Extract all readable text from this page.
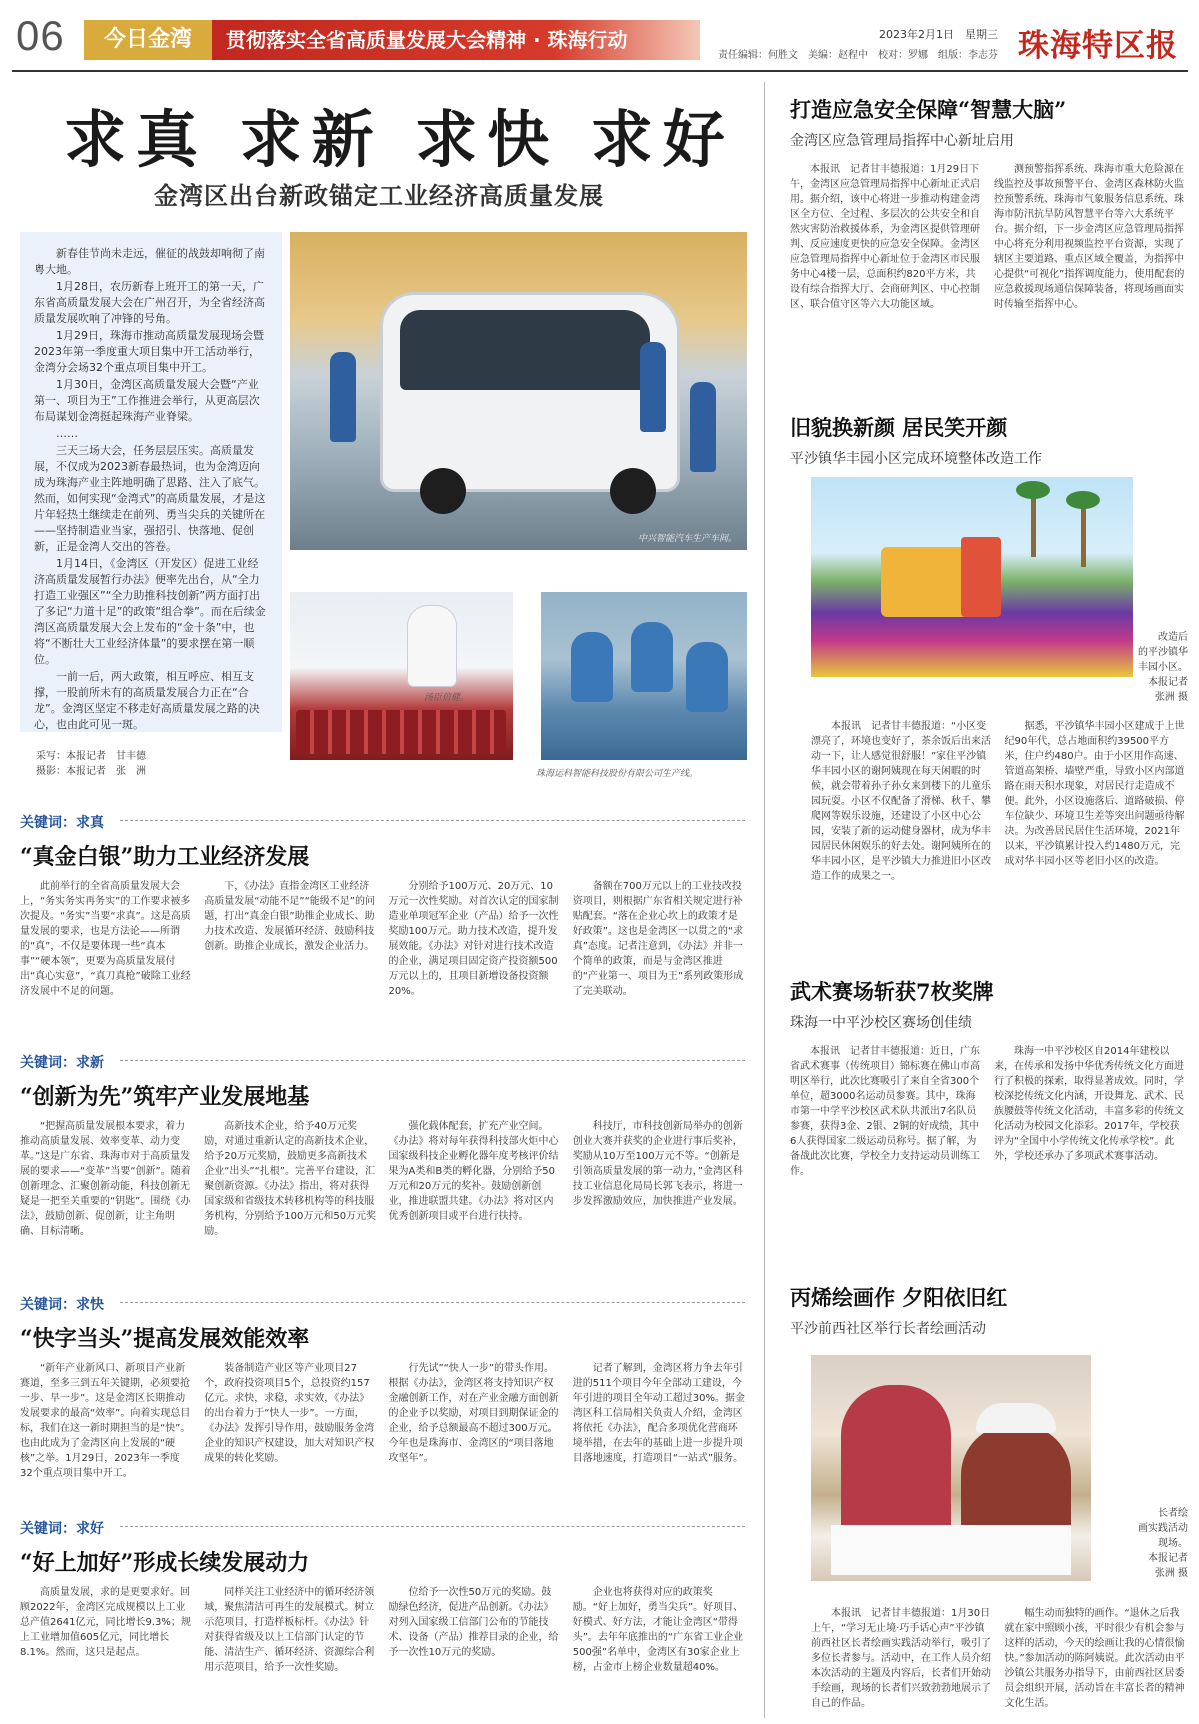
06	今日金湾	贯彻落实全省高质量发展大会精神 · 珠海行动	2023年2月1日　星期三
责任编辑：何胜文　美编：赵程中　校对：罗娜　组版：李志芬 珠海特区报
求真 求新 求快 求好
金湾区出台新政锚定工业经济高质量发展

新春佳节尚未走远，催征的战鼓却响彻了南粤大地。

1月28日，农历新春上班开工的第一天，广东省高质量发展大会在广州召开，为全省经济高质量发展吹响了冲锋的号角。

1月29日，珠海市推动高质量发展现场会暨2023年第一季度重大项目集中开工活动举行，金湾分会场32个重点项目集中开工。

1月30日，金湾区高质量发展大会暨“产业第一、项目为王”工作推进会举行，从更高层次布局谋划金湾挺起珠海产业脊梁。

……

三天三场大会，任务层层压实。高质量发展，不仅成为2023新春最热词，也为金湾迈向成为珠海产业主阵地明确了思路、注入了底气。然而，如何实现“金湾式”的高质量发展，才是这片年轻热土继续走在前列、勇当尖兵的关键所在——坚持制造业当家，强招引、快落地、促创新，正是金湾人交出的答卷。

1月14日，《金湾区（开发区）促进工业经济高质量发展暂行办法》便率先出台，从“全力打造工业强区”“全力助推科技创新”两方面打出了多记“力道十足”的政策“组合拳”。而在后续金湾区高质量发展大会上发布的“金十条”中，也将“不断壮大工业经济体量”的要求摆在第一顺位。

一前一后，两大政策，相互呼应、相互支撑，一股前所未有的高质量发展合力正在“合龙”。金湾区坚定不移走好高质量发展之路的决心，也由此可见一斑。

采写：本报记者　甘丰德
摄影：本报记者　张　洲
中兴智能汽车生产车间。
汤臣倍健。
珠海运科智能科技股份有限公司生产线。
关键词：求真
“真金白银”助力工业经济发展
此前举行的全省高质量发展大会上，“务实务实再务实”的工作要求被多次提及。“务实”当要“求真”。这是高质量发展的要求，也是方法论——所谓的“真”，不仅是要体现一些“真本事”“硬本领”，更要为高质量发展付出“真心实意”，“真刀真枪”破除工业经济发展中不足的问题。
下，《办法》直指金湾区工业经济高质量发展“动能不足”“能级不足”的问题，打出“真金白银”助推企业成长、助力技术改造、发展循环经济、鼓励科技创新。助推企业成长，激发企业活力。
分别给予100万元、20万元、10万元一次性奖励。对首次认定的国家制造业单项冠军企业（产品）给予一次性奖励100万元。助力技术改造，提升发展效能。《办法》对针对进行技术改造的企业，满足项目固定资产投资额500万元以上的，且项目新增设备投资额20%。
备额在700万元以上的工业技改投资项目，则根据广东省相关规定进行补贴配套。“落在企业心坎上的政策才是好政策”。这也是金湾区一以贯之的“求真”态度。记者注意到，《办法》并非一个简单的政策，而是与金湾区推进的“产业第一、项目为王”系列政策形成了完美联动。
关键词：求新
“创新为先”筑牢产业发展地基
“把握高质量发展根本要求，着力推动高质量发展、效率变革、动力变革。”这是广东省、珠海市对于高质量发展的要求——“变革”当要“创新”。随着创新理念、汇聚创新动能，科技创新无疑是一把至关重要的“钥匙”。围绕《办法》，鼓励创新、促创新，让主角明确、目标清晰。
高新技术企业，给予40万元奖励，对通过重新认定的高新技术企业，给予20万元奖励，鼓励更多高新技术企业“出头”“扎根”。完善平台建设，汇聚创新资源。《办法》指出，将对获得国家级和省级技术转移机构等的科技服务机构，分别给予100万元和50万元奖励。
强化载体配套，扩充产业空间。《办法》将对每年获得科技部火炬中心国家级科技企业孵化器年度考核评价结果为A类和B类的孵化器，分别给予50万元和20万元的奖补。鼓励创新创业，推进联盟共建。《办法》将对区内优秀创新项目或平台进行扶持。
科技厅，市科技创新局举办的创新创业大赛并获奖的企业进行事后奖补，奖励从10万至100万元不等。“创新是引领高质量发展的第一动力，”金湾区科技工业信息化局局长郭飞表示，将进一步发挥激励效应，加快推进产业发展。
关键词：求快
“快字当头”提高发展效能效率
“新年产业新风口、新项目产业新赛道，至多三到五年关键期，必须要抢一步、早一步”。这是金湾区长期推动发展要求的最高“效率”。向着实现总目标，我们在这一新时期担当的是“快”。也由此成为了金湾区向上发展的“硬核”之举。1月29日，2023年一季度32个重点项目集中开工。
装备制造产业区等产业项目27个，政府投资项目5个，总投资约157亿元。求快，求稳，求实效，《办法》的出台着力于“快人一步”。一方面，《办法》发挥引导作用，鼓励服务金湾企业的知识产权建设，加大对知识产权成果的转化奖励。
行先试”“快人一步”的带头作用。根据《办法》，金湾区将支持知识产权金融创新工作，对在产业金融方面创新的企业予以奖励，对项目到期保证金的企业，给予总额最高不超过300万元。今年也是珠海市、金湾区的“项目落地攻坚年”。
记者了解到，金湾区将力争去年引进的511个项目今年全部动工建设，今年引进的项目全年动工超过30%。据金湾区科工信局相关负责人介绍，金湾区将依托《办法》，配合多项优化营商环境举措，在去年的基础上进一步提升项目落地速度，打造项目“一站式”服务。
关键词：求好
“好上加好”形成长续发展动力
高质量发展，求的是更要求好。回顾2022年，金湾区完成规模以上工业总产值2641亿元，同比增长9.3%；规上工业增加值605亿元，同比增长8.1%。然而，这只是起点。
同样关注工业经济中的循环经济领域，聚焦清洁可再生的发展模式。树立示范项目，打造样板标杆。《办法》针对获得省级及以上工信部门认定的节能、清洁生产、循环经济、资源综合利用示范项目，给予一次性奖励。
位给予一次性50万元的奖励。鼓励绿色经济，促进产品创新。《办法》对列入国家级工信部门公布的节能技术、设备（产品）推荐目录的企业，给予一次性10万元的奖励。
企业也将获得对应的政策奖励。“好上加好，勇当尖兵”。好项目、好模式、好方法，才能让金湾区“带得头”。去年年底推出的“广东省工业企业500强”名单中，金湾区有30家企业上榜，占金市上榜企业数量超40%。
打造应急安全保障“智慧大脑”
金湾区应急管理局指挥中心新址启用
本报讯　记者甘丰德报道：1月29日下午，金湾区应急管理局指挥中心新址正式启用。据介绍，该中心将进一步推动构建金湾区全方位、全过程、多层次的公共安全和自然灾害防治救援体系，为金湾区提供管理研判、反应速度更快的应急安全保障。金湾区应急管理局指挥中心新址位于金湾区市民服务中心4楼一层，总面积约820平方米，共设有综合指挥大厅、会商研判区、中心控制区、联合值守区等六大功能区域。
测预警指挥系统、珠海市重大危险源在线监控及事故预警平台、金湾区森林防火监控预警系统、珠海市气象服务信息系统、珠海市防汛抗旱防风智慧平台等六大系统平台。据介绍，下一步金湾区应急管理局指挥中心将充分利用视频监控平台资源，实现了辖区主要道路、重点区域全覆盖，为指挥中心提供“可视化”指挥调度能力，使用配套的应急救援现场通信保障装备，将现场画面实时传输至指挥中心。
旧貌换新颜 居民笑开颜
平沙镇华丰园小区完成环境整体改造工作
改造后
的平沙镇华
丰园小区。
本报记者
张洲 摄
本报讯　记者甘丰德报道：“小区变漂亮了，环境也变好了，茶余饭后出来活动一下，让人感觉很舒服！”家住平沙镇华丰园小区的谢阿姨现在每天闲暇的时候，就会带着孙子孙女来到楼下的儿童乐园玩耍。小区不仅配备了滑梯、秋千、攀爬网等娱乐设施，还建设了小区中心公园，安装了新的运动健身器材，成为华丰园居民休闲娱乐的好去处。谢阿姨所在的华丰园小区，是平沙镇大力推进旧小区改造工作的成果之一。
据悉，平沙镇华丰园小区建成于上世纪90年代，总占地面积约39500平方米，住户约480户。由于小区用作高速、管道高架桥、墙壁严重，导致小区内部道路在雨天积水现象，对居民行走造成不便。此外，小区设施落后、道路破损、停车位缺少、环境卫生差等突出问题亟待解决。为改善居民居住生活环境，2021年以来，平沙镇累计投入约1480万元，完成对华丰园小区等老旧小区的改造。
武术赛场斩获7枚奖牌
珠海一中平沙校区赛场创佳绩
本报讯　记者甘丰德报道：近日，广东省武术赛事（传统项目）锦标赛在佛山市高明区举行，此次比赛吸引了来自全省300个单位，超3000名运动员参赛。其中，珠海市第一中学平沙校区武术队共派出7名队员参赛，获得3金、2银、2铜的好成绩，其中6人获得国家二级运动员称号。据了解，为备战此次比赛，学校全力支持运动员训练工作。
珠海一中平沙校区自2014年建校以来，在传承和发扬中华优秀传统文化方面进行了积极的探索，取得显著成效。同时，学校深挖传统文化内涵，开设舞龙、武术、民族腰鼓等传统文化活动，丰富多彩的传统文化活动为校园文化添彩。2017年，学校获评为“全国中小学传统文化传承学校”。此外，学校还承办了多项武术赛事活动。
丙烯绘画作 夕阳依旧红
平沙前西社区举行长者绘画活动
长者绘
画实践活动
现场。
本报记者
张洲 摄
本报讯　记者甘丰德报道：1月30日上午，“学习无止境·巧手话心声”平沙镇前西社区长者绘画实践活动举行，吸引了多位长者参与。活动中，在工作人员介绍本次活动的主题及内容后，长者们开始动手绘画，现场的长者们兴致勃勃地展示了自己的作品。
幅生动而独特的画作。“退休之后我就在家中照顾小孩，平时很少有机会参与这样的活动，今天的绘画让我的心情很愉快。”参加活动的陈阿姨说。此次活动由平沙镇公共服务办指导下，由前西社区居委员会组织开展，活动旨在丰富长者的精神文化生活。
